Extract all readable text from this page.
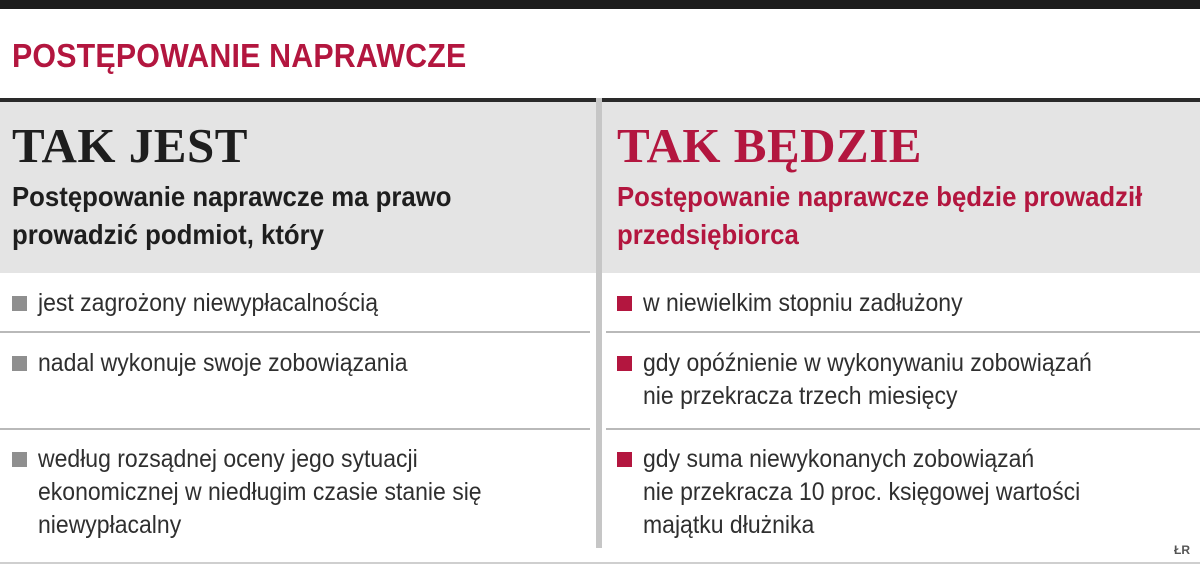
POSTĘPOWANIE NAPRAWCZE
TAK JEST
Postępowanie naprawcze ma prawo prowadzić podmiot, który
TAK BĘDZIE
Postępowanie naprawcze będzie prowadził przedsiębiorca
jest zagrożony niewypłacalnością
nadal wykonuje swoje zobowiązania
według rozsądnej oceny jego sytuacji
ekonomicznej w niedługim czasie stanie się
niewypłacalny
w niewielkim stopniu zadłużony
gdy opóźnienie w wykonywaniu zobowiązań
nie przekracza trzech miesięcy
gdy suma niewykonanych zobowiązań
nie przekracza 10 proc. księgowej wartości
majątku dłużnika
ŁR
